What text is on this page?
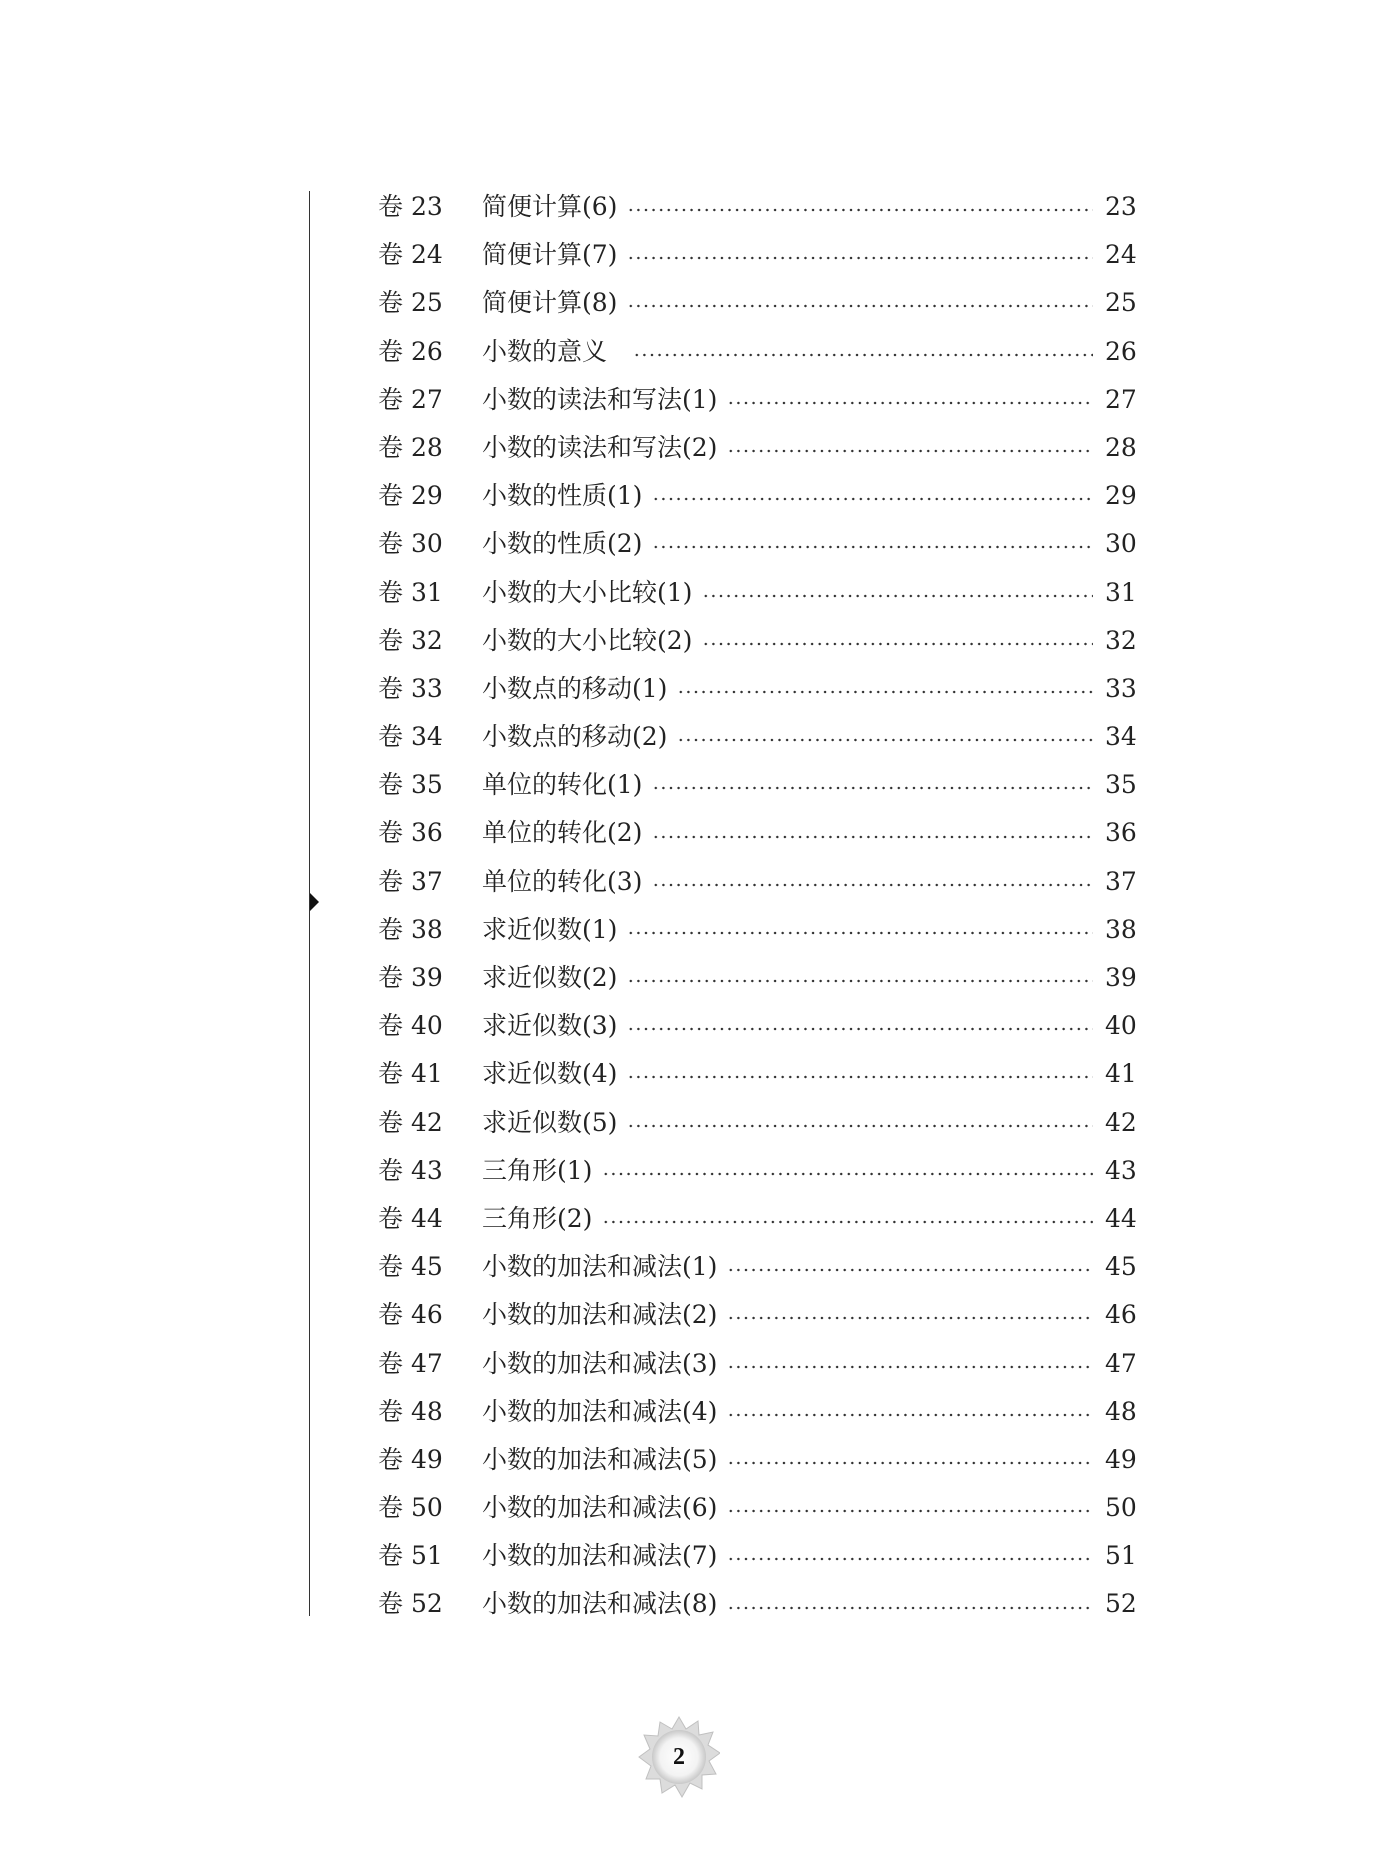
卷 23	简便计算(6)	23
卷 24	简便计算(7)	24
卷 25	简便计算(8)	25
卷 26	小数的意义	26
卷 27	小数的读法和写法(1)	27
卷 28	小数的读法和写法(2)	28
卷 29	小数的性质(1)	29
卷 30	小数的性质(2)	30
卷 31	小数的大小比较(1)	31
卷 32	小数的大小比较(2)	32
卷 33	小数点的移动(1)	33
卷 34	小数点的移动(2)	34
卷 35	单位的转化(1)	35
卷 36	单位的转化(2)	36
卷 37	单位的转化(3)	37
卷 38	求近似数(1)	38
卷 39	求近似数(2)	39
卷 40	求近似数(3)	40
卷 41	求近似数(4)	41
卷 42	求近似数(5)	42
卷 43	三角形(1)	43
卷 44	三角形(2)	44
卷 45	小数的加法和减法(1)	45
卷 46	小数的加法和减法(2)	46
卷 47	小数的加法和减法(3)	47
卷 48	小数的加法和减法(4)	48
卷 49	小数的加法和减法(5)	49
卷 50	小数的加法和减法(6)	50
卷 51	小数的加法和减法(7)	51
卷 52	小数的加法和减法(8)	52
2
